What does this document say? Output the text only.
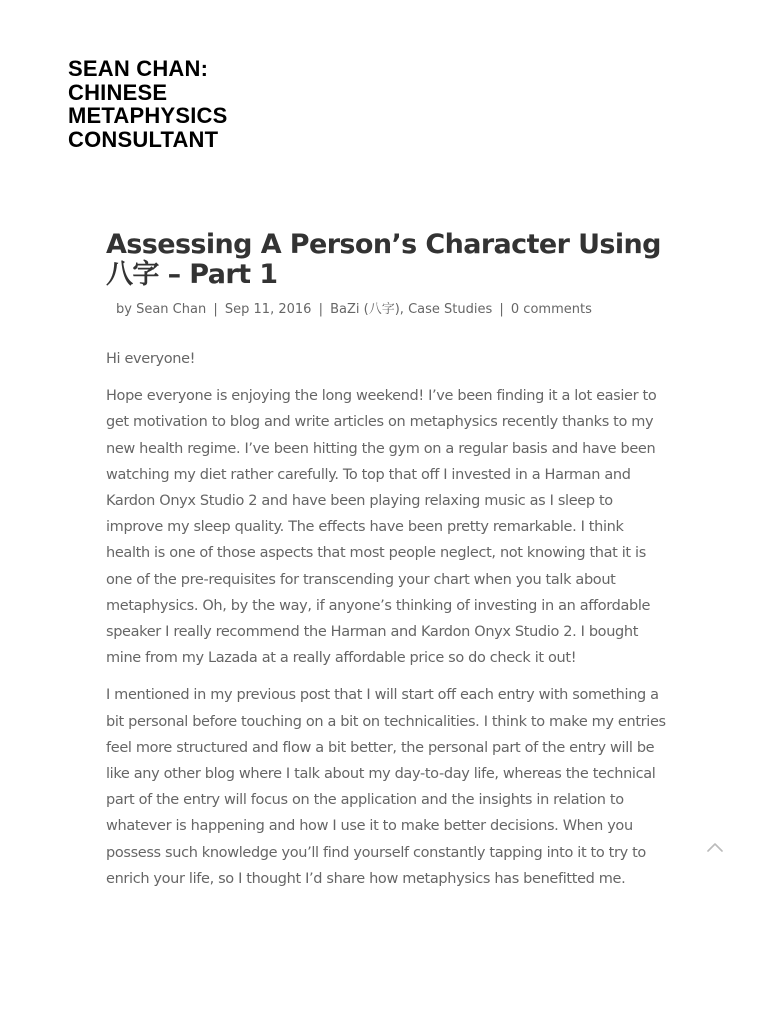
SEAN CHAN: CHINESE METAPHYSICS CONSULTANT
Assessing A Person’s Character Using 八字 – Part 1
by Sean Chan | Sep 11, 2016 | BaZi (八字), Case Studies | 0 comments

Hi everyone!

Hope everyone is enjoying the long weekend! I’ve been finding it a lot easier to get motivation to blog and write articles on metaphysics recently thanks to my new health regime. I’ve been hitting the gym on a regular basis and have been watching my diet rather carefully. To top that off I invested in a Harman and Kardon Onyx Studio 2 and have been playing relaxing music as I sleep to improve my sleep quality. The effects have been pretty remarkable. I think health is one of those aspects that most people neglect, not knowing that it is one of the pre-requisites for transcending your chart when you talk about metaphysics. Oh, by the way, if anyone’s thinking of investing in an affordable speaker I really recommend the Harman and Kardon Onyx Studio 2. I bought mine from my Lazada at a really affordable price so do check it out!

I mentioned in my previous post that I will start off each entry with something a bit personal before touching on a bit on technicalities. I think to make my entries feel more structured and flow a bit better, the personal part of the entry will be like any other blog where I talk about my day-to-day life, whereas the technical part of the entry will focus on the application and the insights in relation to whatever is happening and how I use it to make better decisions. When you possess such knowledge you’ll find yourself constantly tapping into it to try to enrich your life, so I thought I’d share how metaphysics has benefitted me.
